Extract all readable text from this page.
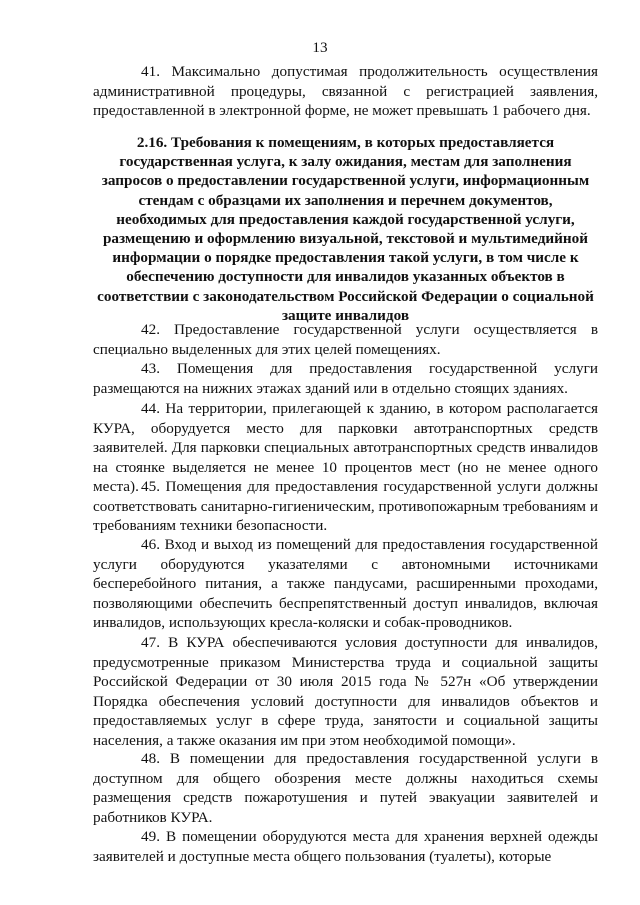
13

41. Максимально допустимая продолжительность осуществления административной процедуры, связанной с регистрацией заявления, предоставленной в электронной форме, не может превышать 1 рабочего дня.

2.16. Требования к помещениям, в которых предоставляется государственная услуга, к залу ожидания, местам для заполнения запросов о предоставлении государственной услуги, информационным стендам с образцами их заполнения и перечнем документов, необходимых для предоставления каждой государственной услуги, размещению и оформлению визуальной, текстовой и мультимедийной информации о порядке предоставления такой услуги, в том числе к обеспечению доступности для инвалидов указанных объектов в соответствии с законодательством Российской Федерации о социальной защите инвалидов

42. Предоставление государственной услуги осуществляется в специально выделенных для этих целей помещениях.

43. Помещения для предоставления государственной услуги размещаются на нижних этажах зданий или в отдельно стоящих зданиях.

44. На территории, прилегающей к зданию, в котором располагается КУРА, оборудуется место для парковки автотранспортных средств заявителей. Для парковки специальных автотранспортных средств инвалидов на стоянке выделяется не менее 10 процентов мест (но не менее одного места). 45. Помещения для предоставления государственной услуги должны соответствовать санитарно-гигиеническим, противопожарным требованиям и требованиям техники безопасности.

46. Вход и выход из помещений для предоставления государственной услуги оборудуются указателями с автономными источниками бесперебойного питания, а также пандусами, расширенными проходами, позволяющими обеспечить беспрепятственный доступ инвалидов, включая инвалидов, использующих кресла-коляски и собак-проводников.

47. В КУРА обеспечиваются условия доступности для инвалидов, предусмотренные приказом Министерства труда и социальной защиты Российской Федерации от 30 июля 2015 года № 527н «Об утверждении Порядка обеспечения условий доступности для инвалидов объектов и предоставляемых услуг в сфере труда, занятости и социальной защиты населения, а также оказания им при этом необходимой помощи».

48. В помещении для предоставления государственной услуги в доступном для общего обозрения месте должны находиться схемы размещения средств пожаротушения и путей эвакуации заявителей и работников КУРА.

49. В помещении оборудуются места для хранения верхней одежды заявителей и доступные места общего пользования (туалеты), которые
